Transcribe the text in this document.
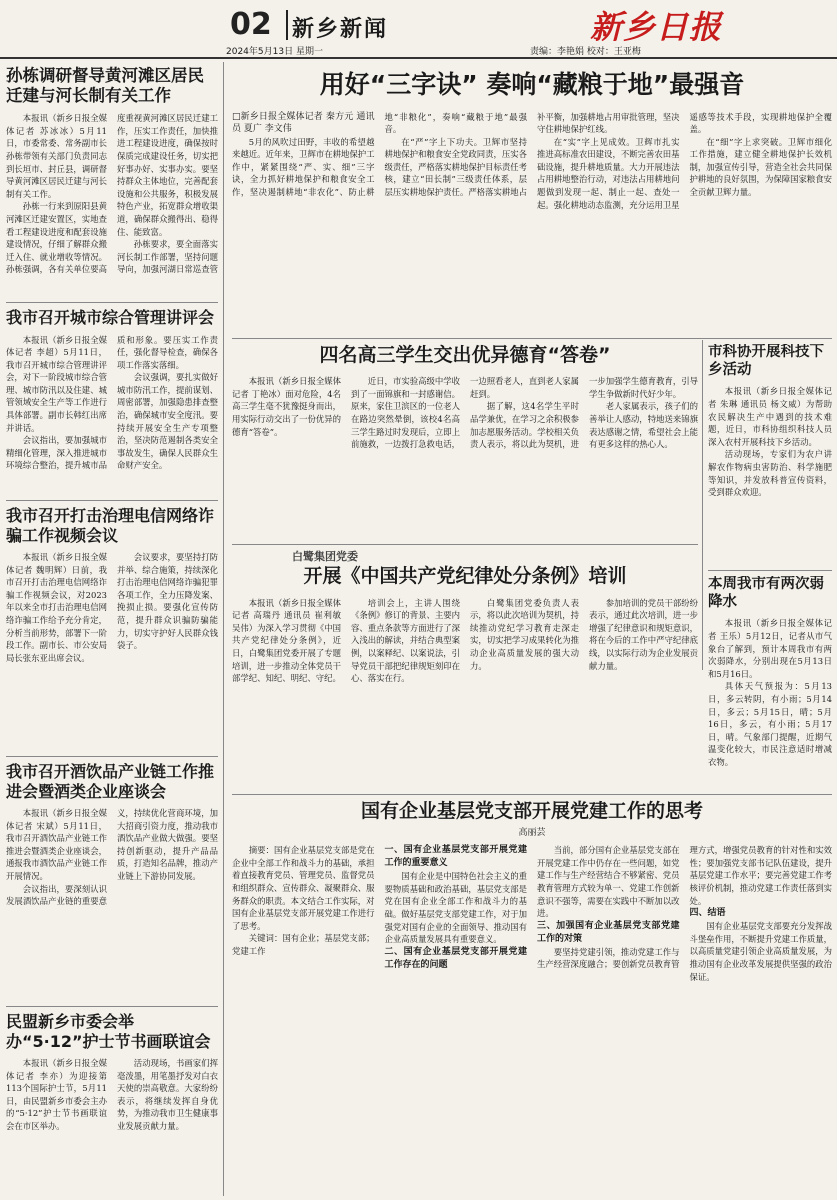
02 新乡新闻	新乡日报
2024年5月13日 星期一	责编：李艳娟 校对：王亚梅
孙栋调研督导黄河滩区居民迁建与河长制有关工作

本报讯（新乡日报全媒体记者 苏冰冰）5月11日，市委常委、常务副市长孙栋带领有关部门负责同志到长垣市、封丘县，调研督导黄河滩区居民迁建与河长制有关工作。

孙栋一行来到原阳县黄河滩区迁建安置区，实地查看工程建设进度和配套设施建设情况，仔细了解群众搬迁入住、就业增收等情况。孙栋强调，各有关单位要高度重视黄河滩区居民迁建工作，压实工作责任，加快推进工程建设进度，确保按时保质完成建设任务，切实把好事办好、实事办实。要坚持群众主体地位，完善配套设施和公共服务，积极发展特色产业，拓宽群众增收渠道，确保群众搬得出、稳得住、能致富。

孙栋要求，要全面落实河长制工作部署，坚持问题导向，加强河湖日常巡查管

用好“三字诀” 奏响“藏粮于地”最强音

□新乡日报全媒体记者 秦方元 通讯员 夏广 李文伟

5月的风吹过田野，丰收的希望越来越近。近年来，卫辉市在耕地保护工作中，紧紧围绕“严、实、细”三字诀，全力抓好耕地保护和粮食安全工作，坚决遏制耕地“非农化”、防止耕地“非粮化”，奏响“藏粮于地”最强音。

在“严”字上下功夫。卫辉市坚持耕地保护和粮食安全党政同责，压实各级责任，严格落实耕地保护目标责任考核，建立“田长制”三级责任体系，层层压实耕地保护责任。严格落实耕地占补平衡，加强耕地占用审批管理，坚决守住耕地保护红线。

在“实”字上见成效。卫辉市扎实推进高标准农田建设，不断完善农田基础设施，提升耕地质量。大力开展违法占用耕地整治行动，对违法占用耕地问题做到发现一起、制止一起、查处一起。强化耕地动态监测，充分运用卫星遥感等技术手段，实现耕地保护全覆盖。

在“细”字上求突破。卫辉市细化工作措施，建立健全耕地保护长效机制，加强宣传引导，营造全社会共同保护耕地的良好氛围，为保障国家粮食安全贡献卫辉力量。

我市召开城市综合管理讲评会

本报讯（新乡日报全媒体记者 李超）5月11日，我市召开城市综合管理讲评会，对下一阶段城市综合管理、城市防汛以及住建、城管领域安全生产等工作进行具体部署。副市长韩红出席并讲话。

会议指出，要加强城市精细化管理，深入推进城市环境综合整治，提升城市品质和形象。要压实工作责任，强化督导检查，确保各项工作落实落细。

会议强调，要扎实做好城市防汛工作，提前谋划、周密部署，加强隐患排查整治，确保城市安全度汛。要持续开展安全生产专项整治，坚决防范遏制各类安全事故发生，确保人民群众生命财产安全。

四名高三学生交出优异德育“答卷”

本报讯（新乡日报全媒体记者 丁艳冰）面对危险，4名高三学生毫不犹豫挺身而出，用实际行动交出了一份优异的德育“答卷”。

近日，市实验高级中学收到了一面锦旗和一封感谢信。原来，家住卫滨区的一位老人在路边突然晕倒，该校4名高三学生路过时发现后，立即上前施救，一边拨打急救电话，一边照看老人，直到老人家属赶到。

据了解，这4名学生平时品学兼优，在学习之余积极参加志愿服务活动。学校相关负责人表示，将以此为契机，进一步加强学生德育教育，引导学生争做新时代好少年。

老人家属表示，孩子们的善举让人感动，特地送来锦旗表达感谢之情，希望社会上能有更多这样的热心人。

市科协开展科技下乡活动

本报讯（新乡日报全媒体记者 朱琳 通讯员 杨文威）为帮助农民解决生产中遇到的技术难题，近日，市科协组织科技人员深入农村开展科技下乡活动。

活动现场，专家们为农户讲解农作物病虫害防治、科学施肥等知识，并发放科普宣传资料，受到群众欢迎。

我市召开打击治理电信网络诈骗工作视频会议

本报讯（新乡日报全媒体记者 魏明辉）日前，我市召开打击治理电信网络诈骗工作视频会议，对2023年以来全市打击治理电信网络诈骗工作给予充分肯定，分析当前形势，部署下一阶段工作。副市长、市公安局局长张东亚出席会议。

会议要求，要坚持打防并举、综合施策，持续深化打击治理电信网络诈骗犯罪各项工作，全力压降发案、挽损止损。要强化宣传防范，提升群众识骗防骗能力，切实守护好人民群众钱袋子。

白鹭集团党委
开展《中国共产党纪律处分条例》培训

本报讯（新乡日报全媒体记者 高瑞丹 通讯员 崔利敏 吴伟）为深入学习贯彻《中国共产党纪律处分条例》，近日，白鹭集团党委开展了专题培训，进一步推动全体党员干部学纪、知纪、明纪、守纪。

培训会上，主讲人围绕《条例》修订的背景、主要内容、重点条款等方面进行了深入浅出的解读，并结合典型案例，以案释纪、以案说法，引导党员干部把纪律规矩刻印在心、落实在行。

白鹭集团党委负责人表示，将以此次培训为契机，持续推动党纪学习教育走深走实，切实把学习成果转化为推动企业高质量发展的强大动力。

参加培训的党员干部纷纷表示，通过此次培训，进一步增强了纪律意识和规矩意识，将在今后的工作中严守纪律底线，以实际行动为企业发展贡献力量。

本周我市有两次弱降水

本报讯（新乡日报全媒体记者 王乐）5月12日，记者从市气象台了解到，预计本周我市有两次弱降水，分别出现在5月13日和5月16日。

具体天气预报为：5月13日，多云转阴，有小雨；5月14日，多云；5月15日，晴；5月16日，多云，有小雨；5月17日，晴。气象部门提醒，近期气温变化较大，市民注意适时增减衣物。

我市召开酒饮品产业链工作推进会暨酒类企业座谈会

本报讯（新乡日报全媒体记者 宋斌）5月11日，我市召开酒饮品产业链工作推进会暨酒类企业座谈会，通报我市酒饮品产业链工作开展情况。

会议指出，要深刻认识发展酒饮品产业链的重要意义，持续优化营商环境，加大招商引资力度，推动我市酒饮品产业做大做强。要坚持创新驱动，提升产品品质，打造知名品牌，推动产业链上下游协同发展。

民盟新乡市委会举办“5·12”护士节书画联谊会

本报讯（新乡日报全媒体记者 李亦）为迎接第113个国际护士节，5月11日，由民盟新乡市委会主办的“5·12”护士节书画联谊会在市区举办。

活动现场，书画家们挥毫泼墨，用笔墨抒发对白衣天使的崇高敬意。大家纷纷表示，将继续发挥自身优势，为推动我市卫生健康事业发展贡献力量。

国有企业基层党支部开展党建工作的思考
高丽芸

摘要：国有企业基层党支部是党在企业中全部工作和战斗力的基础，承担着直接教育党员、管理党员、监督党员和组织群众、宣传群众、凝聚群众、服务群众的职责。本文结合工作实际，对国有企业基层党支部开展党建工作进行了思考。

关键词：国有企业；基层党支部；党建工作

一、国有企业基层党支部开展党建工作的重要意义

国有企业是中国特色社会主义的重要物质基础和政治基础，基层党支部是党在国有企业全部工作和战斗力的基础。做好基层党支部党建工作，对于加强党对国有企业的全面领导、推动国有企业高质量发展具有重要意义。

二、国有企业基层党支部开展党建工作存在的问题

当前，部分国有企业基层党支部在开展党建工作中仍存在一些问题，如党建工作与生产经营结合不够紧密、党员教育管理方式较为单一、党建工作创新意识不强等，需要在实践中不断加以改进。

三、加强国有企业基层党支部党建工作的对策

要坚持党建引领，推动党建工作与生产经营深度融合；要创新党员教育管理方式，增强党员教育的针对性和实效性；要加强党支部书记队伍建设，提升基层党建工作水平；要完善党建工作考核评价机制，推动党建工作责任落到实处。

四、结语

国有企业基层党支部要充分发挥战斗堡垒作用，不断提升党建工作质量，以高质量党建引领企业高质量发展，为推动国有企业改革发展提供坚强的政治保证。
